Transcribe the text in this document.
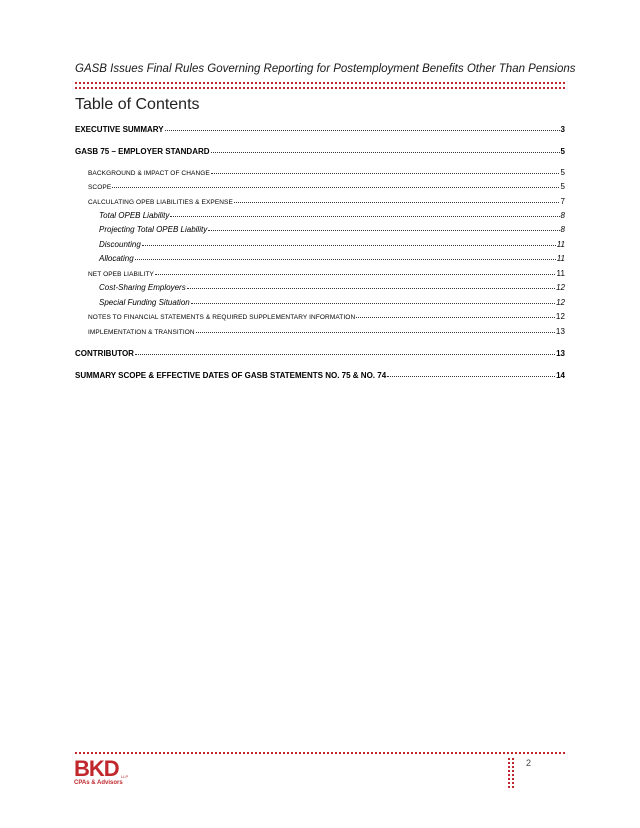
GASB Issues Final Rules Governing Reporting for Postemployment Benefits Other Than Pensions
Table of Contents
EXECUTIVE SUMMARY	3
GASB 75 – EMPLOYER STANDARD	5
BACKGROUND & IMPACT OF CHANGE	5
SCOPE	5
CALCULATING OPEB LIABILITIES & EXPENSE	7
Total OPEB Liability	8
Projecting Total OPEB Liability	8
Discounting	11
Allocating	11
NET OPEB LIABILITY	11
Cost-Sharing Employers	12
Special Funding Situation	12
NOTES TO FINANCIAL STATEMENTS & REQUIRED SUPPLEMENTARY INFORMATION	12
IMPLEMENTATION & TRANSITION	13
CONTRIBUTOR	13
SUMMARY SCOPE & EFFECTIVE DATES OF GASB STATEMENTS NO. 75 & NO. 74	14
BKD LLP
CPAs & Advisors
2
